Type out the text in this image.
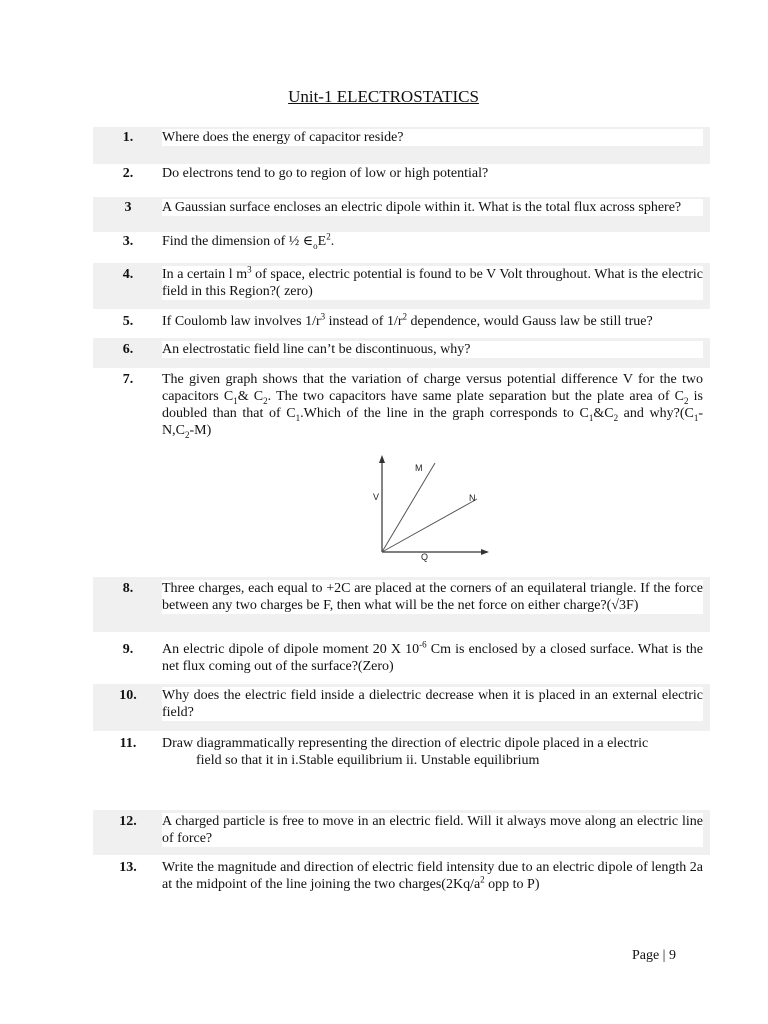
Unit-1 ELECTROSTATICS
1.	Where does the energy of capacitor reside?
2.	Do electrons tend to go to region of low or high potential?
3	A Gaussian surface encloses an electric dipole within it. What is the total flux across sphere?
3.	Find the dimension of ½ $\in_oE^2$.
4.	In a certain l $m^3$ of space, electric potential is found to be V Volt throughout. What is the electric field in this Region?( zero)
5.	If Coulomb law involves $1/r^3$ instead of $1/r^2$ dependence, would Gauss law be still true?
6.	An electrostatic field line can’t be discontinuous, why?
7.	The given graph shows that the variation of charge versus potential difference V for the two capacitors $C_1\&$ $C_2$. The two capacitors have same plate separation but the plate area of $C_2$ is doubled than that of $C_1.Which$ of the line in the graph corresponds to $C_1\&C_2$ and $why?(C_1-N,C_2-M)$
V
Q
M
N
8.	Three charges, each equal to +2C are placed at the corners of an equilateral triangle. If the force between any two charges be F, then what will be the net force on either charge?(√3F)
9.	An electric dipole of dipole moment 20 X $10^{-6}$ Cm is enclosed by a closed surface. What is the net flux coming out of the surface?(Zero)
10.	Why does the electric field inside a dielectric decrease when it is placed in an external electric field?
11.	Draw diagrammatically representing the direction of electric dipole placed in a electric
field so that it in i.Stable equilibrium ii. Unstable equilibrium
12.	A charged particle is free to move in an electric field. Will it always move along an electric line of force?
13.	Write the magnitude and direction of electric field intensity due to an electric dipole of length 2a at the midpoint of the line joining the two $charges(2Kq/a^2$ opp to P)
Page | 9
